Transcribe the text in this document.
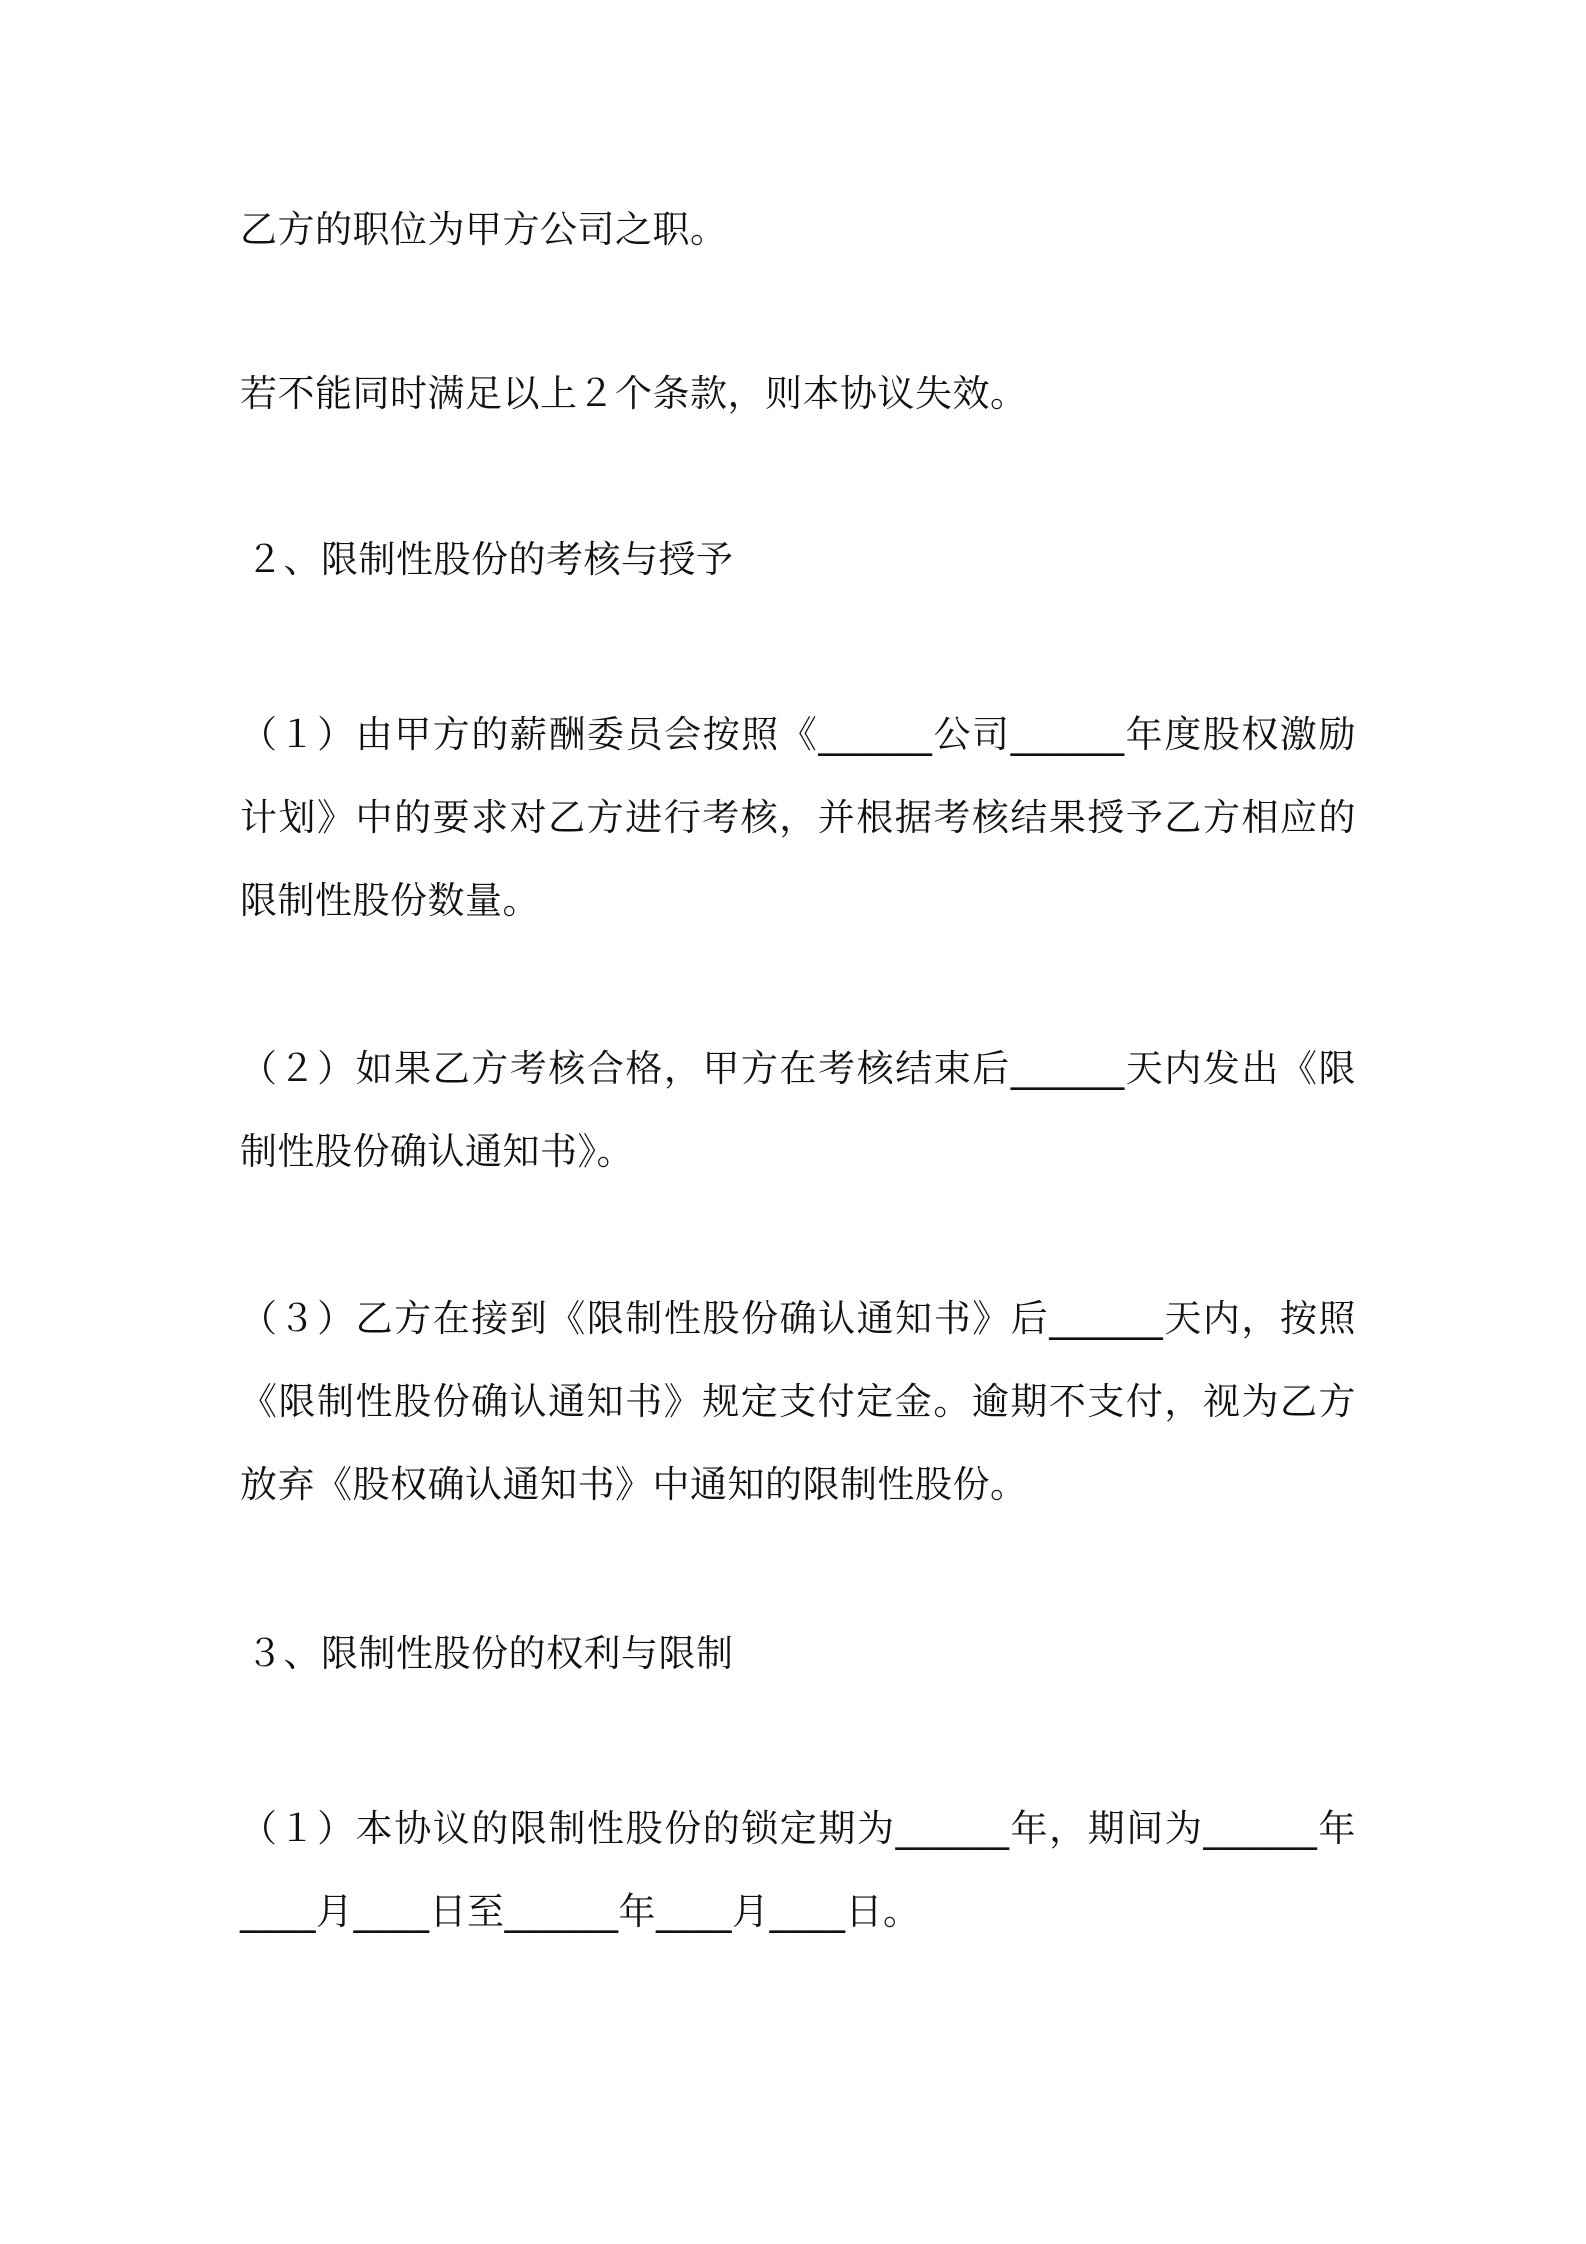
乙方的职位为甲方公司之职。

若不能同时满足以上２个条款，则本协议失效。

２、限制性股份的考核与授予

（１）由甲方的薪酬委员会按照《______公司______年度股权激励计划》中的要求对乙方进行考核，并根据考核结果授予乙方相应的限制性股份数量。

（２）如果乙方考核合格，甲方在考核结束后______天内发出《限制性股份确认通知书》。

（３）乙方在接到《限制性股份确认通知书》后______天内，按照《限制性股份确认通知书》规定支付定金。逾期不支付，视为乙方放弃《股权确认通知书》中通知的限制性股份。

３、限制性股份的权利与限制

（１）本协议的限制性股份的锁定期为______年，期间为______年____月____日至______年____月____日。
